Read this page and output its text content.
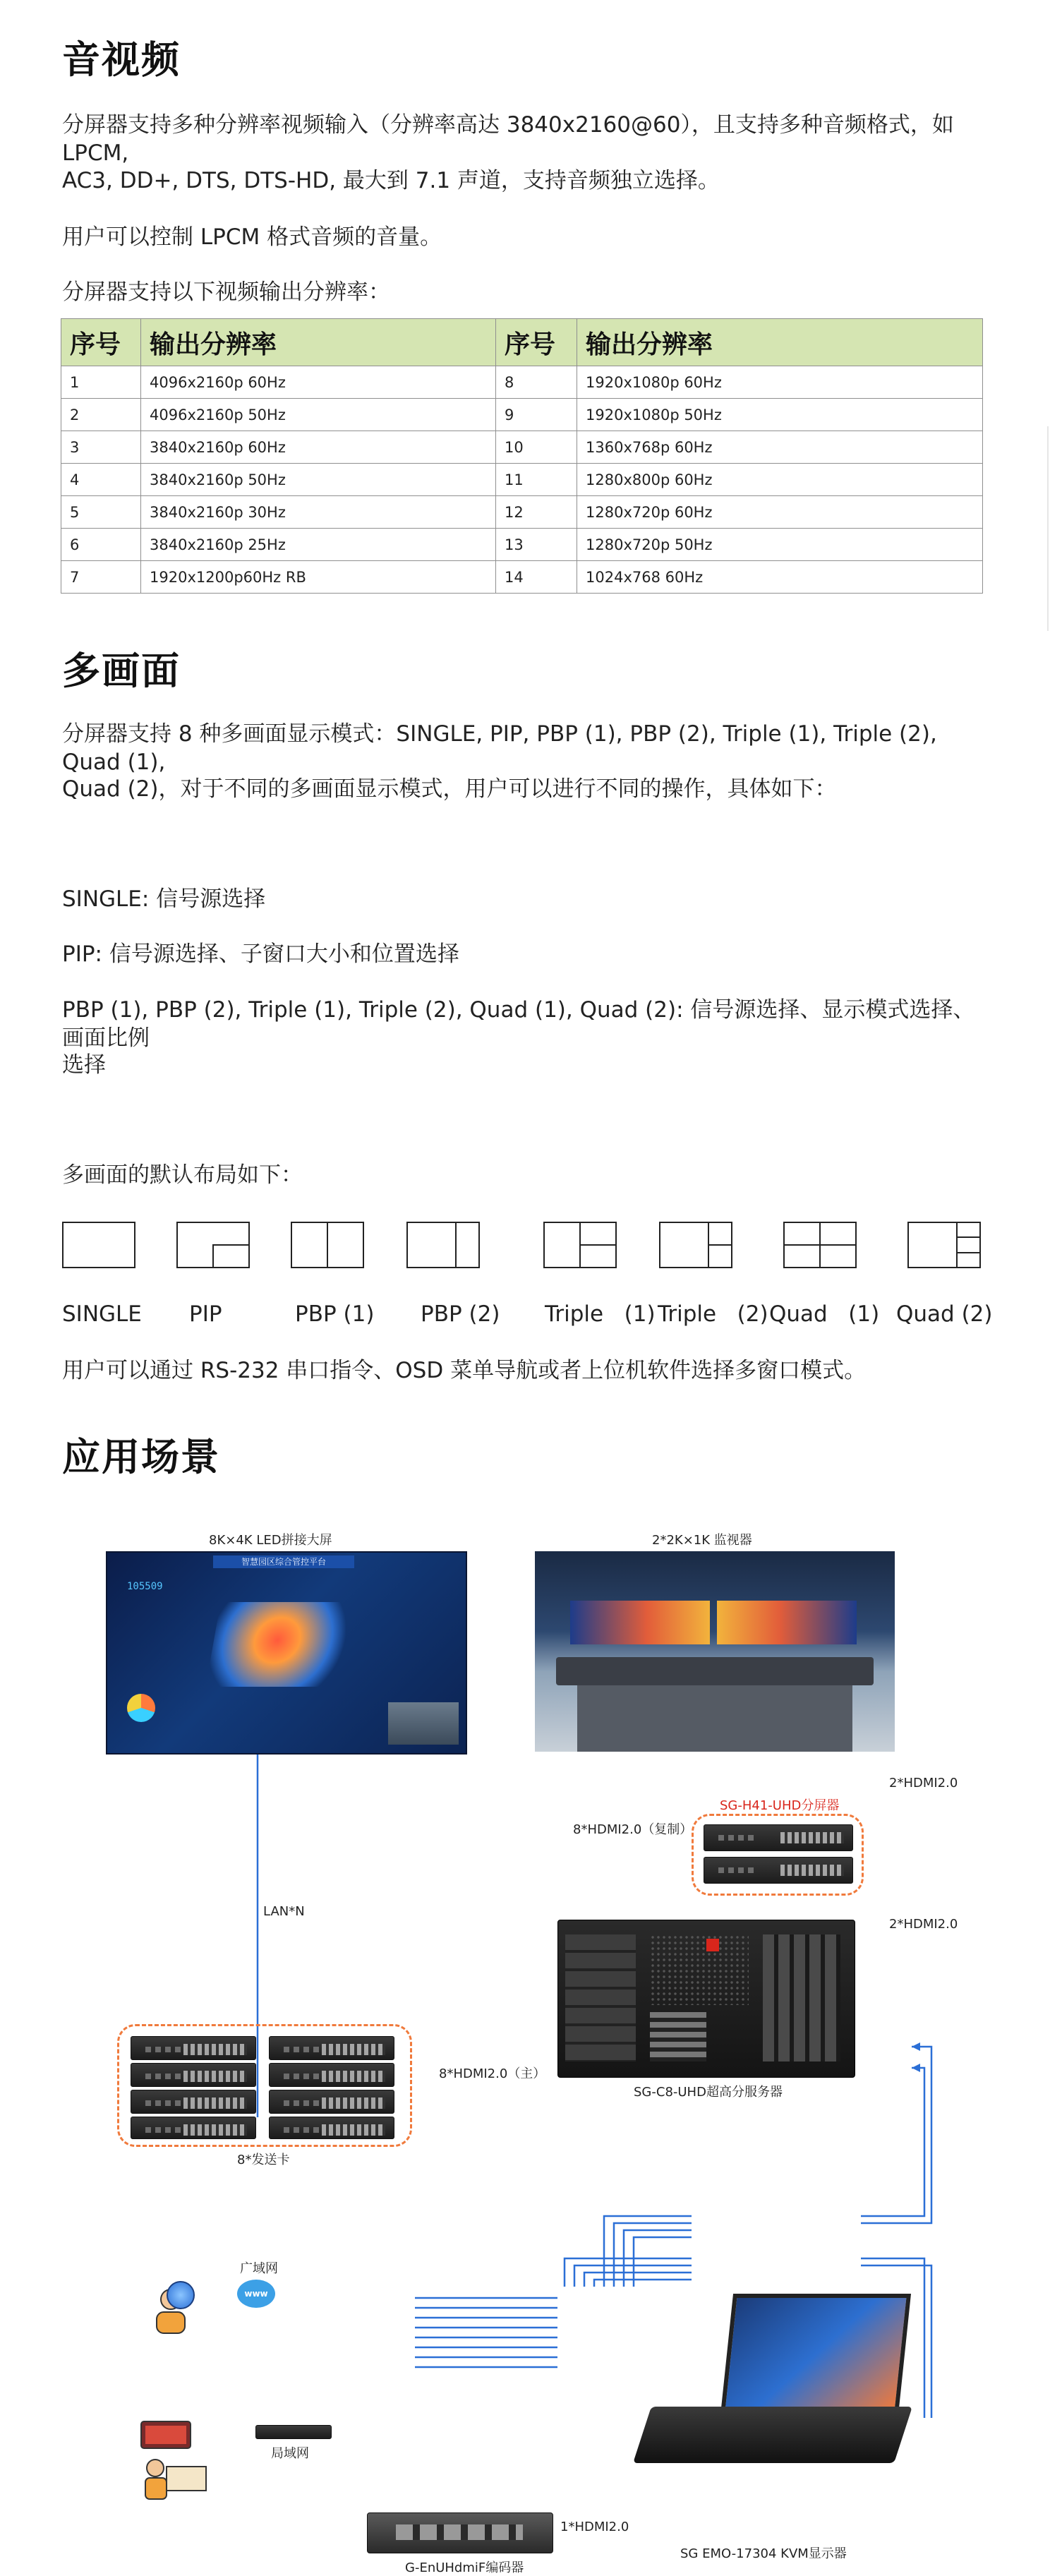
音视频

分屏器支持多种分辨率视频输入（分辨率高达 3840x2160@60），且支持多种音频格式，如 LPCM,

AC3, DD+, DTS, DTS-HD, 最大到 7.1 声道，支持音频独立选择。

用户可以控制 LPCM 格式音频的音量。

分屏器支持以下视频输出分辨率：

序号	输出分辨率	序号	输出分辨率
1	4096x2160p 60Hz	8	1920x1080p 60Hz
2	4096x2160p 50Hz	9	1920x1080p 50Hz
3	3840x2160p 60Hz	10	1360x768p 60Hz
4	3840x2160p 50Hz	11	1280x800p 60Hz
5	3840x2160p 30Hz	12	1280x720p 60Hz
6	3840x2160p 25Hz	13	1280x720p 50Hz
7	1920x1200p60Hz RB	14	1024x768 60Hz
多画面

分屏器支持 8 种多画面显示模式：SINGLE, PIP, PBP (1), PBP (2), Triple (1), Triple (2), Quad (1),

Quad (2)，对于不同的多画面显示模式，用户可以进行不同的操作，具体如下：

SINGLE: 信号源选择

PIP: 信号源选择、子窗口大小和位置选择

PBP (1), PBP (2), Triple (1), Triple (2), Quad (1), Quad (2): 信号源选择、显示模式选择、画面比例

选择

多画面的默认布局如下：

SINGLE PIP	PBP (1) PBP (2) Triple   (1) Triple   (2) Quad   (1) Quad (2)

用户可以通过 RS-232 串口指令、OSD 菜单导航或者上位机软件选择多窗口模式。

应用场景
8K×4K LED拼接大屏
智慧园区综合管控平台
105509
2*2K×1K 监视器
LAN*N
8*发送卡
8*HDMI2.0（主）
8*HDMI2.0（复制）
SG-H41-UHD分屏器
2*HDMI2.0
2*HDMI2.0
SG-C8-UHD超高分服务器
广域网
www
局域网
G-EnUHdmiF编码器
1*HDMI2.0
SG EMO-17304 KVM显示器
